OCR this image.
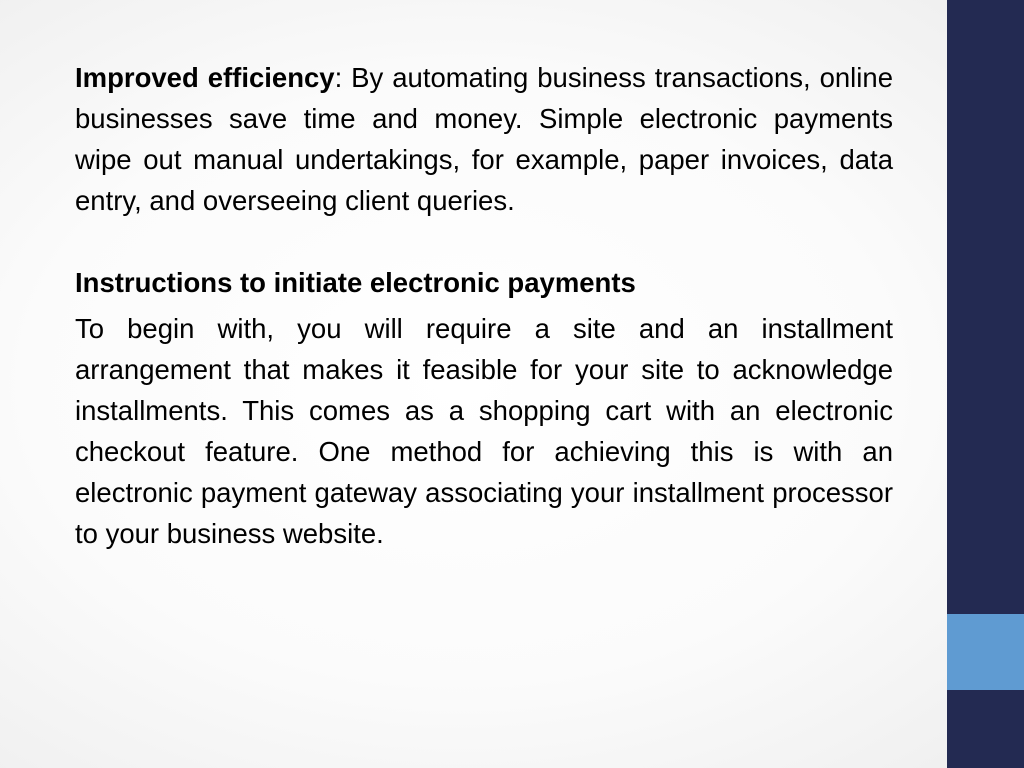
Improved efficiency: By automating business transactions, online businesses save time and money. Simple electronic payments wipe out manual undertakings, for example, paper invoices, data entry, and overseeing client queries.

Instructions to initiate electronic payments

To begin with, you will require a site and an installment arrangement that makes it feasible for your site to acknowledge installments. This comes as a shopping cart with an electronic checkout feature. One method for achieving this is with an electronic payment gateway associating your installment processor to your business website.
